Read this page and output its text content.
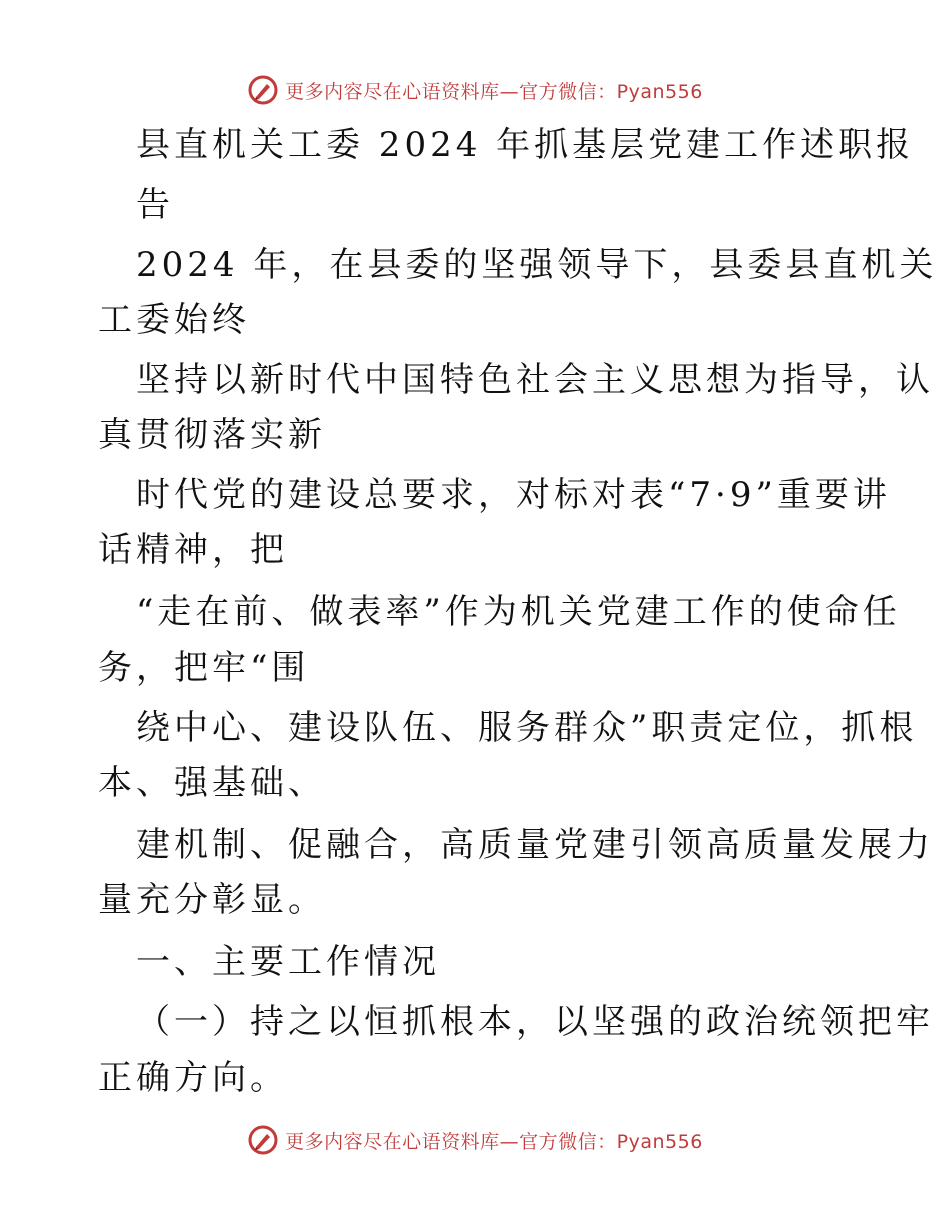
更多内容尽在心语资料库—官方微信：Pyan556
县直机关工委 2024 年抓基层党建工作述职报
告
2024 年，在县委的坚强领导下，县委县直机关
工委始终
坚持以新时代中国特色社会主义思想为指导，认
真贯彻落实新
时代党的建设总要求，对标对表“7·9”重要讲
话精神，把
“走在前、做表率”作为机关党建工作的使命任
务，把牢“围
绕中心、建设队伍、服务群众”职责定位，抓根
本、强基础、
建机制、促融合，高质量党建引领高质量发展力
量充分彰显。
一、主要工作情况
（一）持之以恒抓根本，以坚强的政治统领把牢
正确方向。
更多内容尽在心语资料库—官方微信：Pyan556
